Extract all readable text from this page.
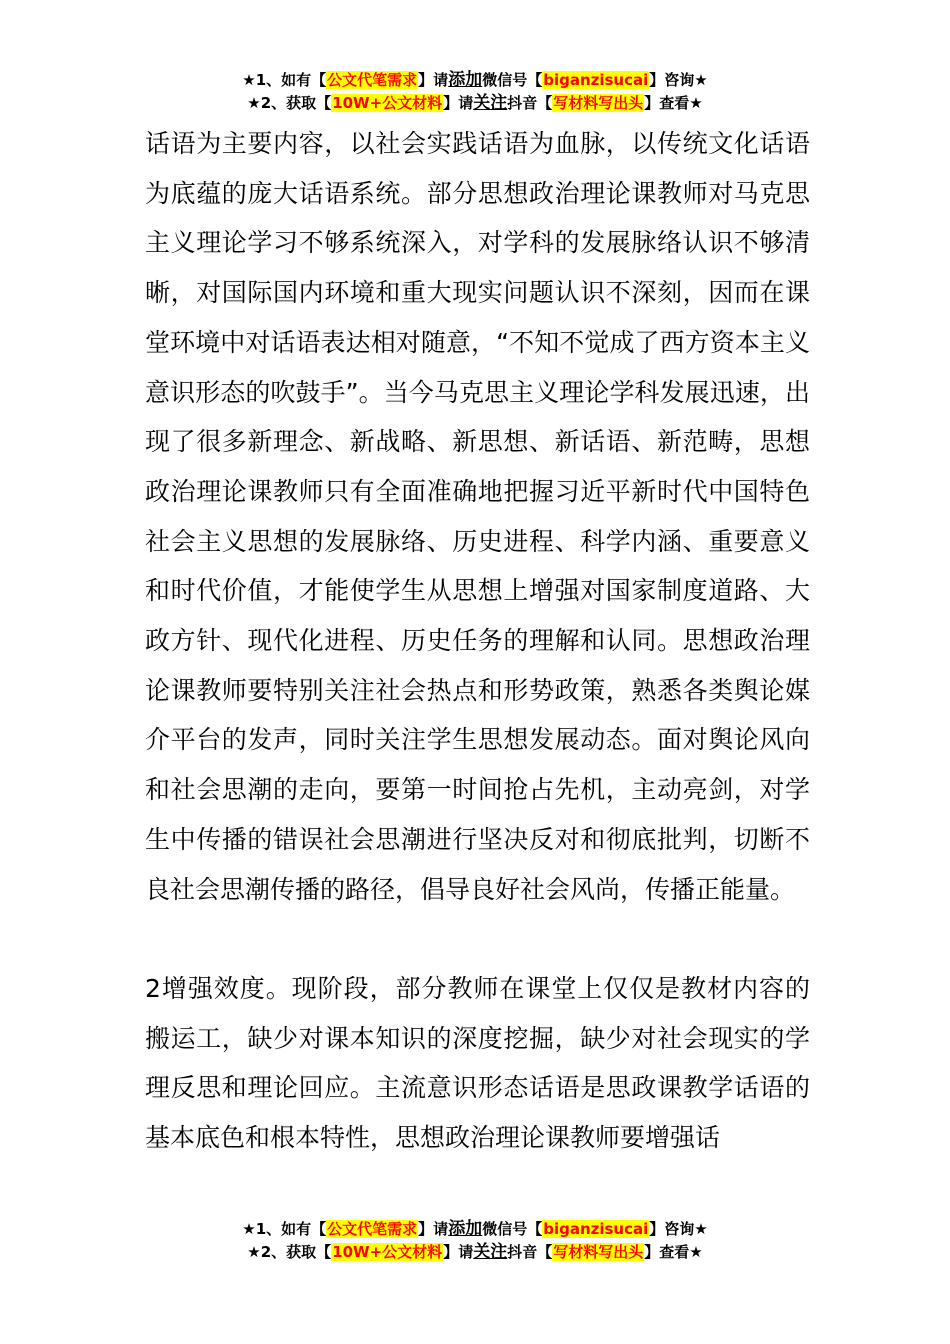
★1、如有【公文代笔需求】请添加微信号【biganzisucai】咨询★
★2、获取【10W+公文材料】请关注抖音【写材料写出头】查看★

话语为主要内容，以社会实践话语为血脉，以传统文化话语为底蕴的庞大话语系统。部分思想政治理论课教师对马克思主义理论学习不够系统深入，对学科的发展脉络认识不够清晰，对国际国内环境和重大现实问题认识不深刻，因而在课堂环境中对话语表达相对随意，“不知不觉成了西方资本主义意识形态的吹鼓手”。当今马克思主义理论学科发展迅速，出现了很多新理念、新战略、新思想、新话语、新范畴，思想政治理论课教师只有全面准确地把握习近平新时代中国特色社会主义思想的发展脉络、历史进程、科学内涵、重要意义和时代价值，才能使学生从思想上增强对国家制度道路、大政方针、现代化进程、历史任务的理解和认同。思想政治理论课教师要特别关注社会热点和形势政策，熟悉各类舆论媒介平台的发声，同时关注学生思想发展动态。面对舆论风向和社会思潮的走向，要第一时间抢占先机，主动亮剑，对学生中传播的错误社会思潮进行坚决反对和彻底批判，切断不良社会思潮传播的路径，倡导良好社会风尚，传播正能量。

2增强效度。现阶段，部分教师在课堂上仅仅是教材内容的搬运工，缺少对课本知识的深度挖掘，缺少对社会现实的学理反思和理论回应。主流意识形态话语是思政课教学话语的基本底色和根本特性，思想政治理论课教师要增强话

★1、如有【公文代笔需求】请添加微信号【biganzisucai】咨询★
★2、获取【10W+公文材料】请关注抖音【写材料写出头】查看★
